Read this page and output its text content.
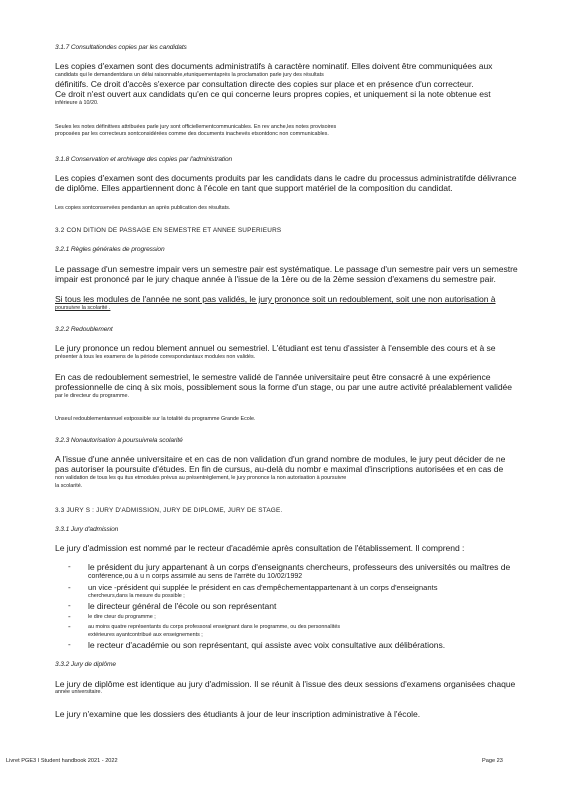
3.1.7 Consultationdes copies par les candidats
Les copies d'examen sont des documents administratifs à caractère nominatif. Elles doivent être communiquées aux
candidats qui le demandentdans un délai raisonnable,etuniquementaprès la proclamation parle jury des résultats
définitifs. Ce droit d'accès s'exerce par consultation directe des copies sur place et en présence d'un correcteur.
Ce droit n'est ouvert aux candidats qu'en ce qui concerne leurs propres copies, et uniquement si la note obtenue est
inférieure à 10/20.
Seules les notes définitives attribuées parle jury sont officiellementcommunicables. En rev anche,les notes provisoires
proposées par les correcteurs sontconsidérées comme des documents inachevés etsontdonc non communicables.
3.1.8 Conservation et archivage des copies par l'administration
Les copies d'examen sont des documents produits par les candidats dans le cadre du processus administratifde délivrance
de diplôme. Elles appartiennent donc à l'école en tant que support matériel de la composition du candidat.
Les copies sontconservées pendantun an après publication des résultats.
3.2 CON DITION DE PASSAGE EN SEMESTRE ET ANNEE SUPERIEURS
3.2.1 Règles générales de progression
Le passage d'un semestre impair vers un semestre pair est systématique. Le passage d'un semestre pair vers un semestre
impair est prononcé par le jury chaque année à l'issue de la 1ère ou de la 2ème session d'examens du semestre pair.
Si tous les modules de l'année ne sont pas validés, le jury prononce soit un redoublement, soit une non autorisation à
poursuivre la scolarité .
3.2.2 Redoublement
Le jury prononce un redou blement annuel ou semestriel. L'étudiant est tenu d'assister à l'ensemble des cours et à se
présenter à tous les examens de la période correspondantaux modules non validés.
En cas de redoublement semestriel, le semestre validé de l'année universitaire peut être consacré à une expérience
professionnelle de cinq à six mois, possiblement sous la forme d'un stage, ou par une autre activité préalablement validée
par le directeur du programme.
Unseul redoublementannuel estpossible sur la totalité du programme Grande École.
3.2.3 Nonautorisation à poursuivrela scolarité
A l'issue d'une année universitaire et en cas de non validation d'un grand nombre de modules, le jury peut décider de ne
pas autoriser la poursuite d'études. En fin de cursus, au-delà du nombr e maximal d'inscriptions autorisées et en cas de
non validation de tous les qu itus etmodules prévus au présentrèglement, le jury prononce la non autorisation à poursuivre
la scolarité.
3.3 JURY S : JURY D'ADMISSION, JURY DE DIPLÔME, JURY DE STAGE.
3.3.1 Jury d'admission
Le jury d'admission est nommé par le recteur d'académie après consultation de l'établissement. Il comprend :
- le président du jury appartenant à un corps d'enseignants chercheurs, professeurs des universités ou maîtres de
conférence,ou à u n corps assimilé au sens de l'arrêté du 10/02/1992
- un vice -président qui supplée le président en cas d'empêchementappartenant à un corps d'enseignants
chercheurs,dans la mesure du possible ;
- le directeur général de l'école ou son représentant
-	le dire cteur du programme ;
-	au moins quatre représentants du corps professoral enseignant dans le programme, ou des personnalités
extérieures ayantcontribué aux enseignements ;
- le recteur d'académie ou son représentant, qui assiste avec voix consultative aux délibérations.
3.3.2 Jury de diplôme
Le jury de diplôme est identique au jury d'admission. Il se réunit à l'issue des deux sessions d'examens organisées chaque
année universitaire.
Le jury n'examine que les dossiers des étudiants à jour de leur inscription administrative à l'école.
Livret PGE3 I Student handbook 2021 - 2022	Page 23
